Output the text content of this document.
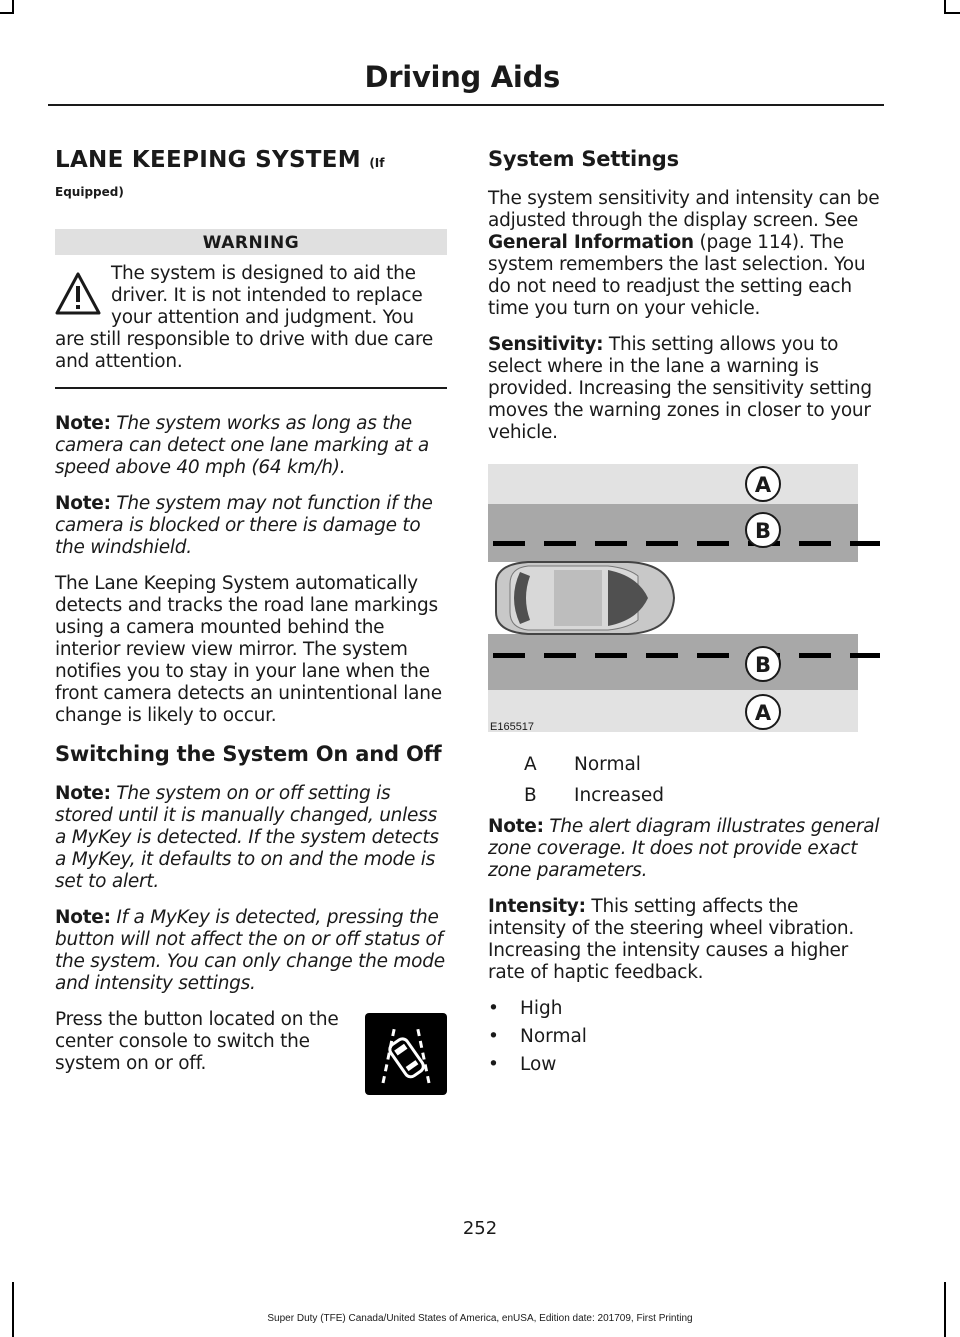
Driving Aids
LANE KEEPING SYSTEM (If
Equipped)
WARNING

The system is designed to aid the driver. It is not intended to replace your attention and judgment. You are still responsible to drive with due care and attention.

Note: The system works as long as the camera can detect one lane marking at a speed above 40 mph (64 km/h).

Note: The system may not function if the camera is blocked or there is damage to the windshield.

The Lane Keeping System automatically detects and tracks the road lane markings using a camera mounted behind the interior review view mirror. The system notifies you to stay in your lane when the front camera detects an unintentional lane change is likely to occur.

Switching the System On and Off

Note: The system on or off setting is stored until it is manually changed, unless a MyKey is detected. If the system detects a MyKey, it defaults to on and the mode is set to alert.

Note: If a MyKey is detected, pressing the button will not affect the on or off status of the system. You can only change the mode and intensity settings.

Press the button located on the center console to switch the system on or off.

System Settings

The system sensitivity and intensity can be adjusted through the display screen. See General Information (page 114). The system remembers the last selection. You do not need to readjust the setting each time you turn on your vehicle.

Sensitivity: This setting allows you to select where in the lane a warning is provided. Increasing the sensitivity setting moves the warning zones in closer to your vehicle.

A
B
B
A
E165517
A	Normal
B	Increased

Note: The alert diagram illustrates general zone coverage. It does not provide exact zone parameters.

Intensity: This setting affects the intensity of the steering wheel vibration. Increasing the intensity causes a higher rate of haptic feedback.

•	High
•	Normal
•	Low
252
Super Duty (TFE) Canada/United States of America, enUSA, Edition date: 201709, First Printing
